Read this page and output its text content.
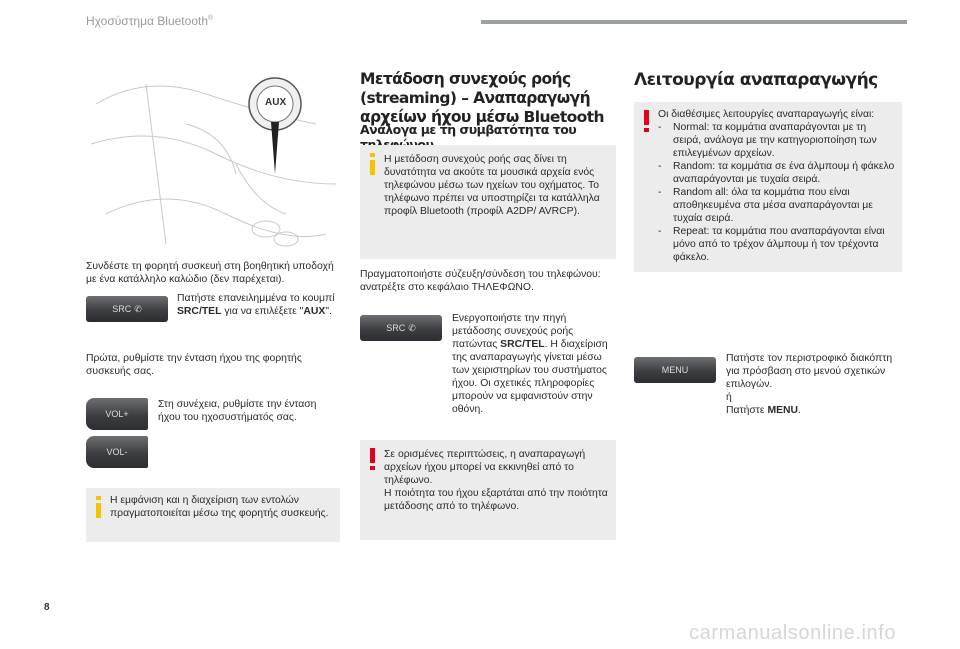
Ηχοσύστημα Bluetooth®
AUX
Συνδέστε τη φορητή συσκευή στη βοηθητική υποδοχή με ένα κατάλληλο καλώδιο (δεν παρέχεται).
SRC ✆
Πατήστε επανειλημμένα το κουμπί SRC/TEL για να επιλέξετε "AUX".
Πρώτα, ρυθμίστε την ένταση ήχου της φορητής συσκευής σας.
VOL+
VOL-
Στη συνέχεια, ρυθμίστε την ένταση ήχου του ηχοσυστήματός σας.
Η εμφάνιση και η διαχείριση των εντολών πραγματοποιείται μέσω της φορητής συσκευής.
Μετάδοση συνεχούς ροής (streaming) – Αναπαραγωγή αρχείων ήχου μέσω Bluetooth
Ανάλογα με τη συμβατότητα του
Η μετάδοση συνεχούς ροής σας δίνει τη δυνατότητα να ακούτε τα μουσικά αρχεία ενός τηλεφώνου μέσω των ηχείων του οχήματος. Το τηλέφωνο πρέπει να υποστηρίζει τα κατάλληλα προφίλ Bluetooth (προφίλ A2DP/ AVRCP).
Πραγματοποιήστε σύζευξη/σύνδεση του τηλεφώνου: ανατρέξτε στο κεφάλαιο ΤΗΛΕΦΩΝΟ.
SRC ✆
Ενεργοποιήστε την πηγή μετάδοσης συνεχούς ροής πατώντας SRC/TEL. Η διαχείριση της αναπαραγωγής γίνεται μέσω των χειριστηρίων του συστήματος ήχου. Οι σχετικές πληροφορίες μπορούν να εμφανιστούν στην οθόνη.
Σε ορισμένες περιπτώσεις, η αναπαραγωγή αρχείων ήχου μπορεί να εκκινηθεί από το τηλέφωνο.
Η ποιότητα του ήχου εξαρτάται από την ποιότητα μετάδοσης από το τηλέφωνο.
Λειτουργία αναπαραγωγής
Οι διαθέσιμες λειτουργίες αναπαραγωγής είναι:
- Normal: τα κομμάτια αναπαράγονται με τη σειρά, ανάλογα με την κατηγοριοποίηση των επιλεγμένων αρχείων.
- Random: τα κομμάτια σε ένα άλμπουμ ή φάκελο αναπαράγονται με τυχαία σειρά.
- Random all: όλα τα κομμάτια που είναι αποθηκευμένα στα μέσα αναπαράγονται με τυχαία σειρά.
- Repeat: τα κομμάτια που αναπαράγονται είναι μόνο από το τρέχον άλμπουμ ή τον τρέχοντα φάκελο.
MENU
Πατήστε τον περιστροφικό διακόπτη για πρόσβαση στο μενού σχετικών επιλογών.
ή
Πατήστε MENU.
8
carmanualsonline.info
